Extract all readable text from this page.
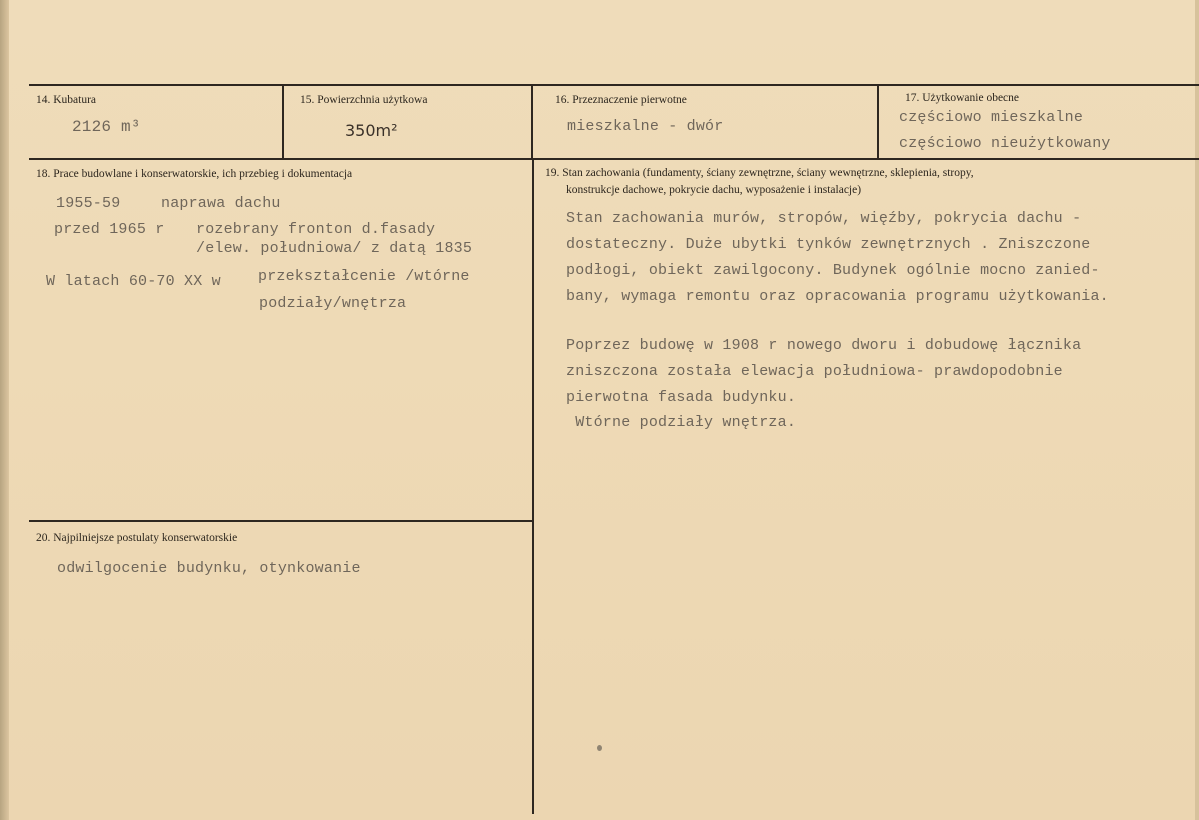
14. Kubatura
2126 m³
15. Powierzchnia użytkowa
350m²
16. Przeznaczenie pierwotne
mieszkalne - dwór
17. Użytkowanie obecne
częściowo mieszkalne
częściowo nieużytkowany
18. Prace budowlane i konserwatorskie, ich przebieg i dokumentacja
1955-59	naprawa dachu
przed 1965 r rozebrany fronton d.fasady
/elew. południowa/ z datą 1835
W latach 60-70 XX w przekształcenie /wtórne
podziały/wnętrza
19. Stan zachowania (fundamenty, ściany zewnętrzne, ściany wewnętrzne, sklepienia, stropy,
konstrukcje dachowe, pokrycie dachu, wyposażenie i instalacje)
Stan zachowania murów, stropów, więźby, pokrycia dachu -
dostateczny. Duże ubytki tynków zewnętrznych . Zniszczone
podłogi, obiekt zawilgocony. Budynek ogólnie mocno zanied-
bany, wymaga remontu oraz opracowania programu użytkowania.
Poprzez budowę w 1908 r nowego dworu i dobudowę łącznika
zniszczona została elewacja południowa- prawdopodobnie
pierwotna fasada budynku.
Wtórne podziały wnętrza.
20. Najpilniejsze postulaty konserwatorskie
odwilgocenie budynku, otynkowanie
